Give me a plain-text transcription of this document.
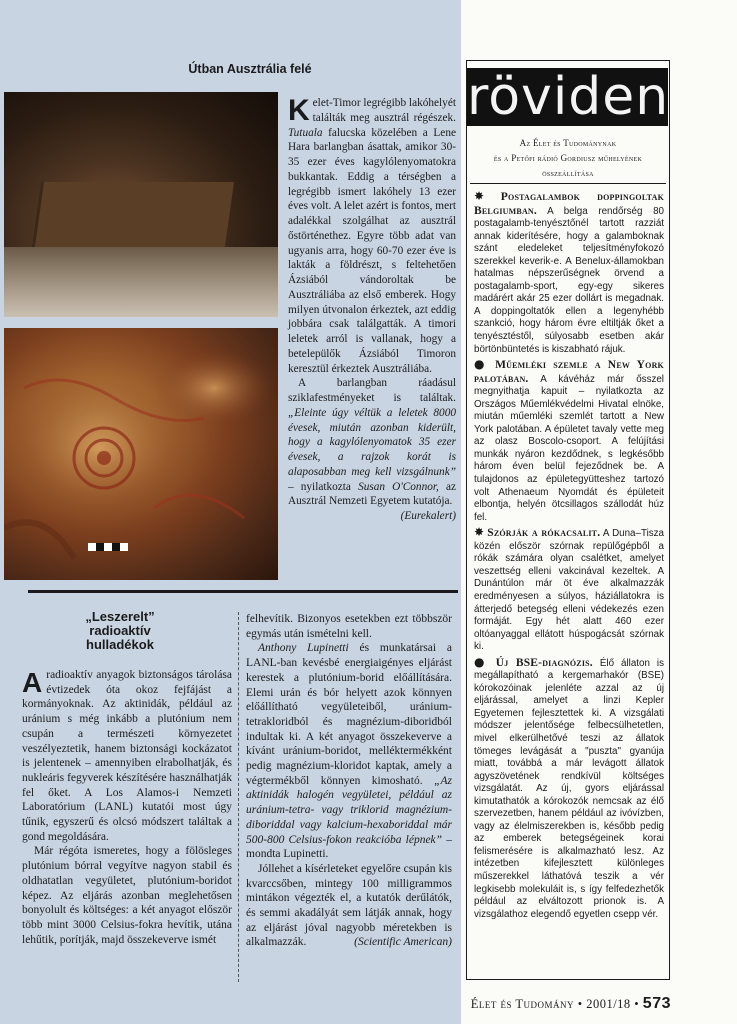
Útban Ausztrália felé

Kelet-Timor legrégibb lakóhelyét találták meg ausztrál régészek. Tutuala falucska közelében a Lene Hara barlangban ásattak, amikor 30-35 ezer éves kagylólenyomatokra bukkantak. Eddig a térségben a legrégibb ismert lakóhely 13 ezer éves volt. A lelet azért is fontos, mert adalékkal szolgálhat az ausztrál őstörténethez. Egyre több adat van ugyanis arra, hogy 60-70 ezer éve is lakták a földrészt, s feltehetően Ázsiából vándoroltak be Ausztráliába az első emberek. Hogy milyen útvonalon érkeztek, azt eddig jobbára csak találgatták. A timori leletek arról is vallanak, hogy a betelepülők Ázsiából Timoron keresztül érkeztek Ausztráliába.

A barlangban ráadásul sziklafestményeket is találtak. „Eleinte úgy véltük a leletek 8000 évesek, miután azonban kiderült, hogy a kagylólenyomatok 35 ezer évesek, a rajzok korát is alaposabban meg kell vizsgálnunk” – nyilatkozta Susan O'Connor, az Ausztrál Nemzeti Egyetem kutatója.

(Eurekalert)

„Leszerelt”
radioaktív
hulladékok

A radioaktív anyagok biztonságos tárolása évtizedek óta okoz fejfájást a kormányoknak. Az aktinidák, például az uránium s még inkább a plutónium nem csupán a természeti környezetet veszélyeztetik, hanem biztonsági kockázatot is jelentenek – amennyiben elrabolhatják, és nukleáris fegyverek készítésére használhatják fel őket. A Los Alamos-i Nemzeti Laboratórium (LANL) kutatói most úgy tűnik, egyszerű és olcsó módszert találtak a gond megoldására.

Már régóta ismeretes, hogy a fölösleges plutónium bórral vegyítve nagyon stabil és oldhatatlan vegyületet, plutónium-boridot képez. Az eljárás azonban meglehetősen bonyolult és költséges: a két anyagot először több mint 3000 Celsius-fokra hevítik, utána lehűtik, porítják, majd összekeverve ismét

felhevítik. Bizonyos esetekben ezt többször egymás után ismételni kell.

Anthony Lupinetti és munkatársai a LANL-ban kevésbé energiaigényes eljárást kerestek a plutónium-borid előállítására. Elemi urán és bór helyett azok könnyen előállítható vegyületeiből, uránium-tetrakloridból és magnézium-diboridból indultak ki. A két anyagot összekeverve a kívánt uránium-boridot, melléktermékként pedig magnézium-kloridot kaptak, amely a végtermékből könnyen kimosható. „Az aktinidák halogén vegyületei, például az uránium-tetra- vagy triklorid magnézium-diboriddal vagy kalcium-hexaboriddal már 500-800 Celsius-fokon reakcióba lépnek” – mondta Lupinetti.

Jóllehet a kísérleteket egyelőre csupán kis kvarccsőben, mintegy 100 milligrammos mintákon végezték el, a kutatók derűlátók, és semmi akadályát sem látják annak, hogy az eljárást jóval nagyobb méretekben is alkalmazzák.	(Scientific American)

röviden
Az Élet és Tudománynak
és a Petőfi rádió Gordiusz műhelyének
összeállítása

✸ Postagalambok doppingoltak Belgiumban. A belga rendőrség 80 postagalamb-tenyésztőnél tartott razziát annak kiderítésére, hogy a galamboknak szánt eledeleket teljesítményfokozó szerekkel keverik-e. A Benelux-államokban hatalmas népszerűségnek örvend a postagalamb-sport, egy-egy sikeres madárért akár 25 ezer dollárt is megadnak. A doppingoltatók ellen a legenyhébb szankció, hogy három évre eltiltják őket a tenyésztéstől, súlyosabb esetben akár börtönbüntetés is kiszabható rájuk.

● Műemléki szemle a New York palotában. A kávéház már ősszel megnyithatja kapuit – nyilatkozta az Országos Műemlékvédelmi Hivatal elnöke, miután műemléki szemlét tartott a New York palotában. A épületet tavaly vette meg az olasz Boscolo-csoport. A felújítási munkák nyáron kezdődnek, s legkésőbb három éven belül fejeződnek be. A tulajdonos az épületegyütteshez tartozó volt Athenaeum Nyomdát és épületeit elbontja, helyén ötcsillagos szállodát húz fel.

✸ Szórják a rókacsalit. A Duna–Tisza közén először szórnak repülőgépből a rókák számára olyan csalétket, amelyet veszettség elleni vakcinával kezeltek. A Dunántúlon már öt éve alkalmazzák eredményesen a súlyos, háziállatokra is átterjedő betegség elleni védekezés ezen formáját. Egy hét alatt 460 ezer oltóanyaggal ellátott húspogácsát szórnak ki.

● Új BSE-diagnózis. Élő állaton is megállapítható a kergemarhakór (BSE) kórokozóinak jelenléte azzal az új eljárással, amelyet a linzi Kepler Egyetemen fejlesztettek ki. A vizsgálati módszer jelentősége felbecsülhetetlen, mivel elkerülhetővé teszi az állatok tömeges levágását a "puszta" gyanúja miatt, továbbá a már levágott állatok agyszövetének rendkívül költséges vizsgálatát. Az új, gyors eljárással kimutathatók a kórokozók nemcsak az élő szervezetben, hanem például az ivóvízben, vagy az élelmiszerekben is, később pedig az emberek betegségeinek korai felismerésére is alkalmazható lesz. Az intézetben kifejlesztett különleges műszerekkel láthatóvá teszik a vér legkisebb molekuláit is, s így felfedezhetők például az elváltozott prionok is. A vizsgálathoz elegendő egyetlen csepp vér.

Élet és Tudomány • 2001/18 • 573
